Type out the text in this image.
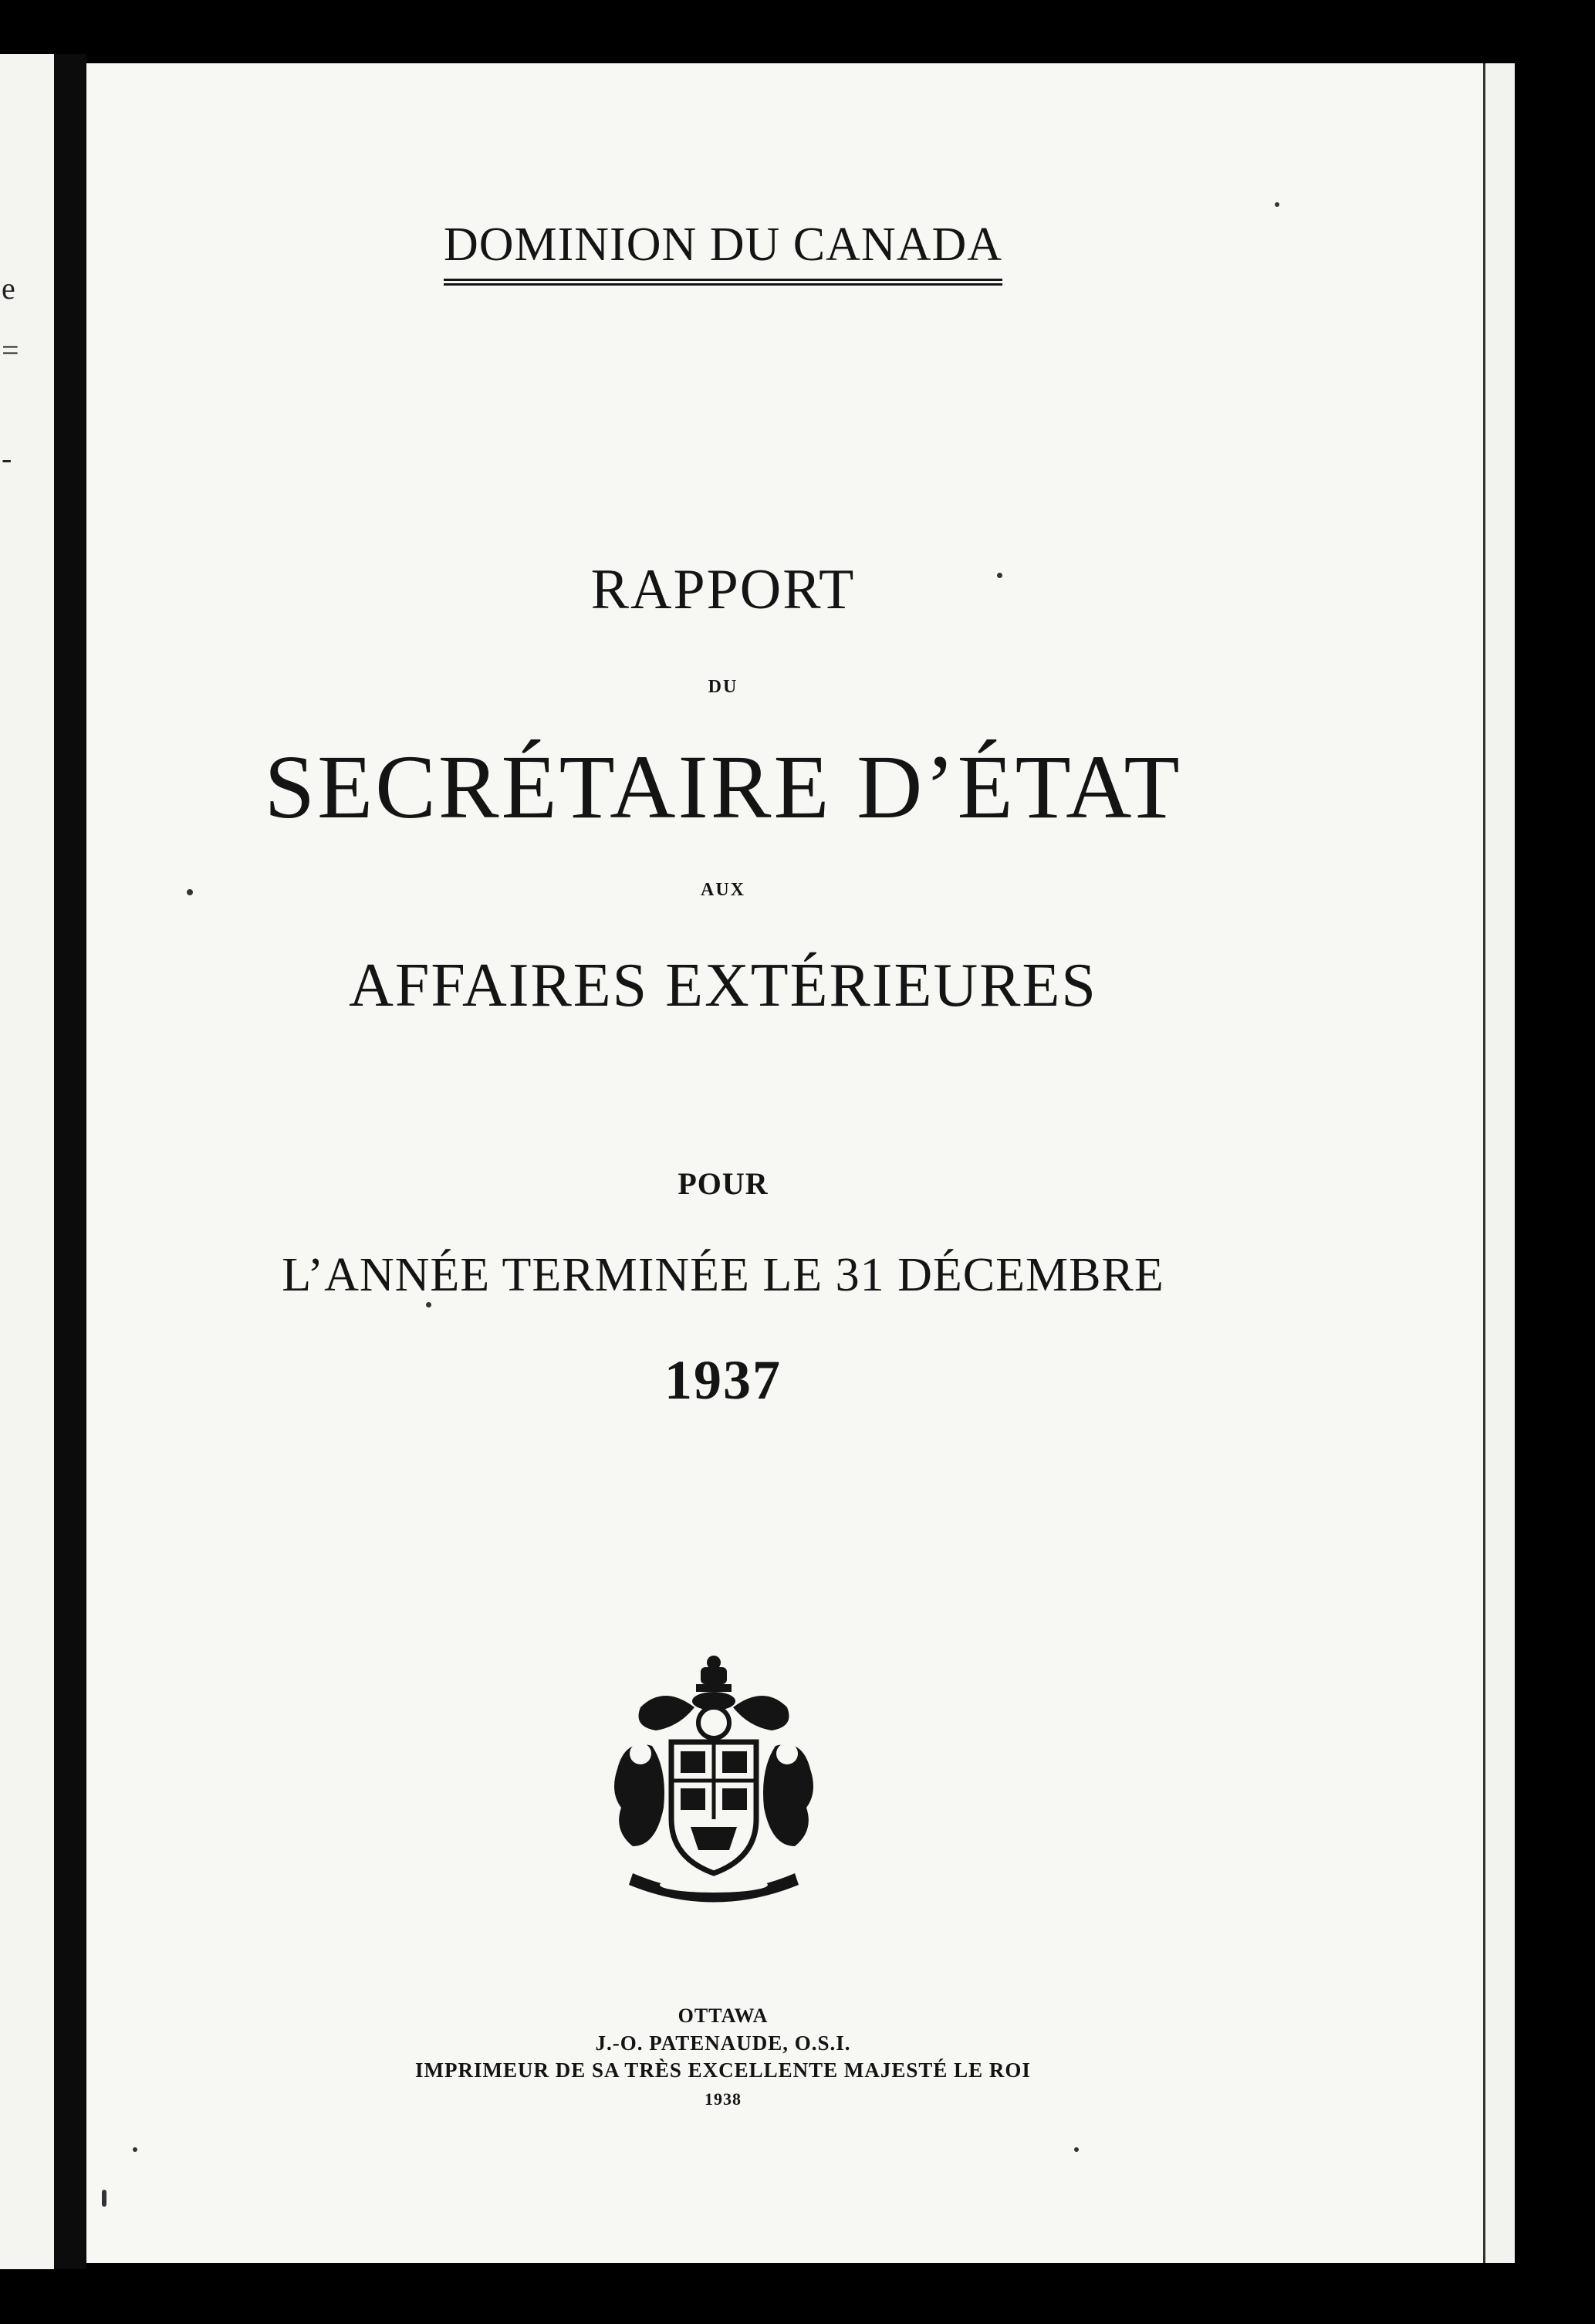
e
=
-
DOMINION DU CANADA
RAPPORT
DU
SECRÉTAIRE D’ÉTAT
AUX
AFFAIRES EXTÉRIEURES
POUR
L’ANNÉE TERMINÉE LE 31 DÉCEMBRE
1937
OTTAWA
J.-O. PATENAUDE, O.S.I.
IMPRIMEUR DE SA TRÈS EXCELLENTE MAJESTÉ LE ROI
1938
